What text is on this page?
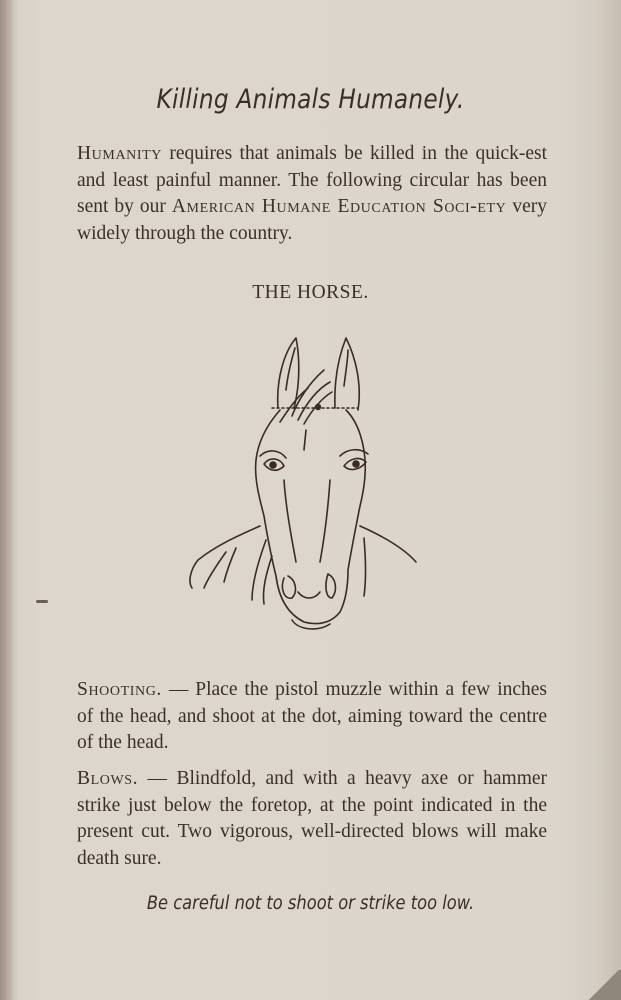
Killing Animals Humanely.
Humanity requires that animals be killed in the quick-est and least painful manner. The following circular has been sent by our American Humane Education Soci-ety very widely through the country.
THE HORSE.
Shooting. — Place the pistol muzzle within a few inches of the head, and shoot at the dot, aiming toward the centre of the head.
Blows. — Blindfold, and with a heavy axe or hammer strike just below the foretop, at the point indicated in the present cut. Two vigorous, well-directed blows will make death sure.
Be careful not to shoot or strike too low.
